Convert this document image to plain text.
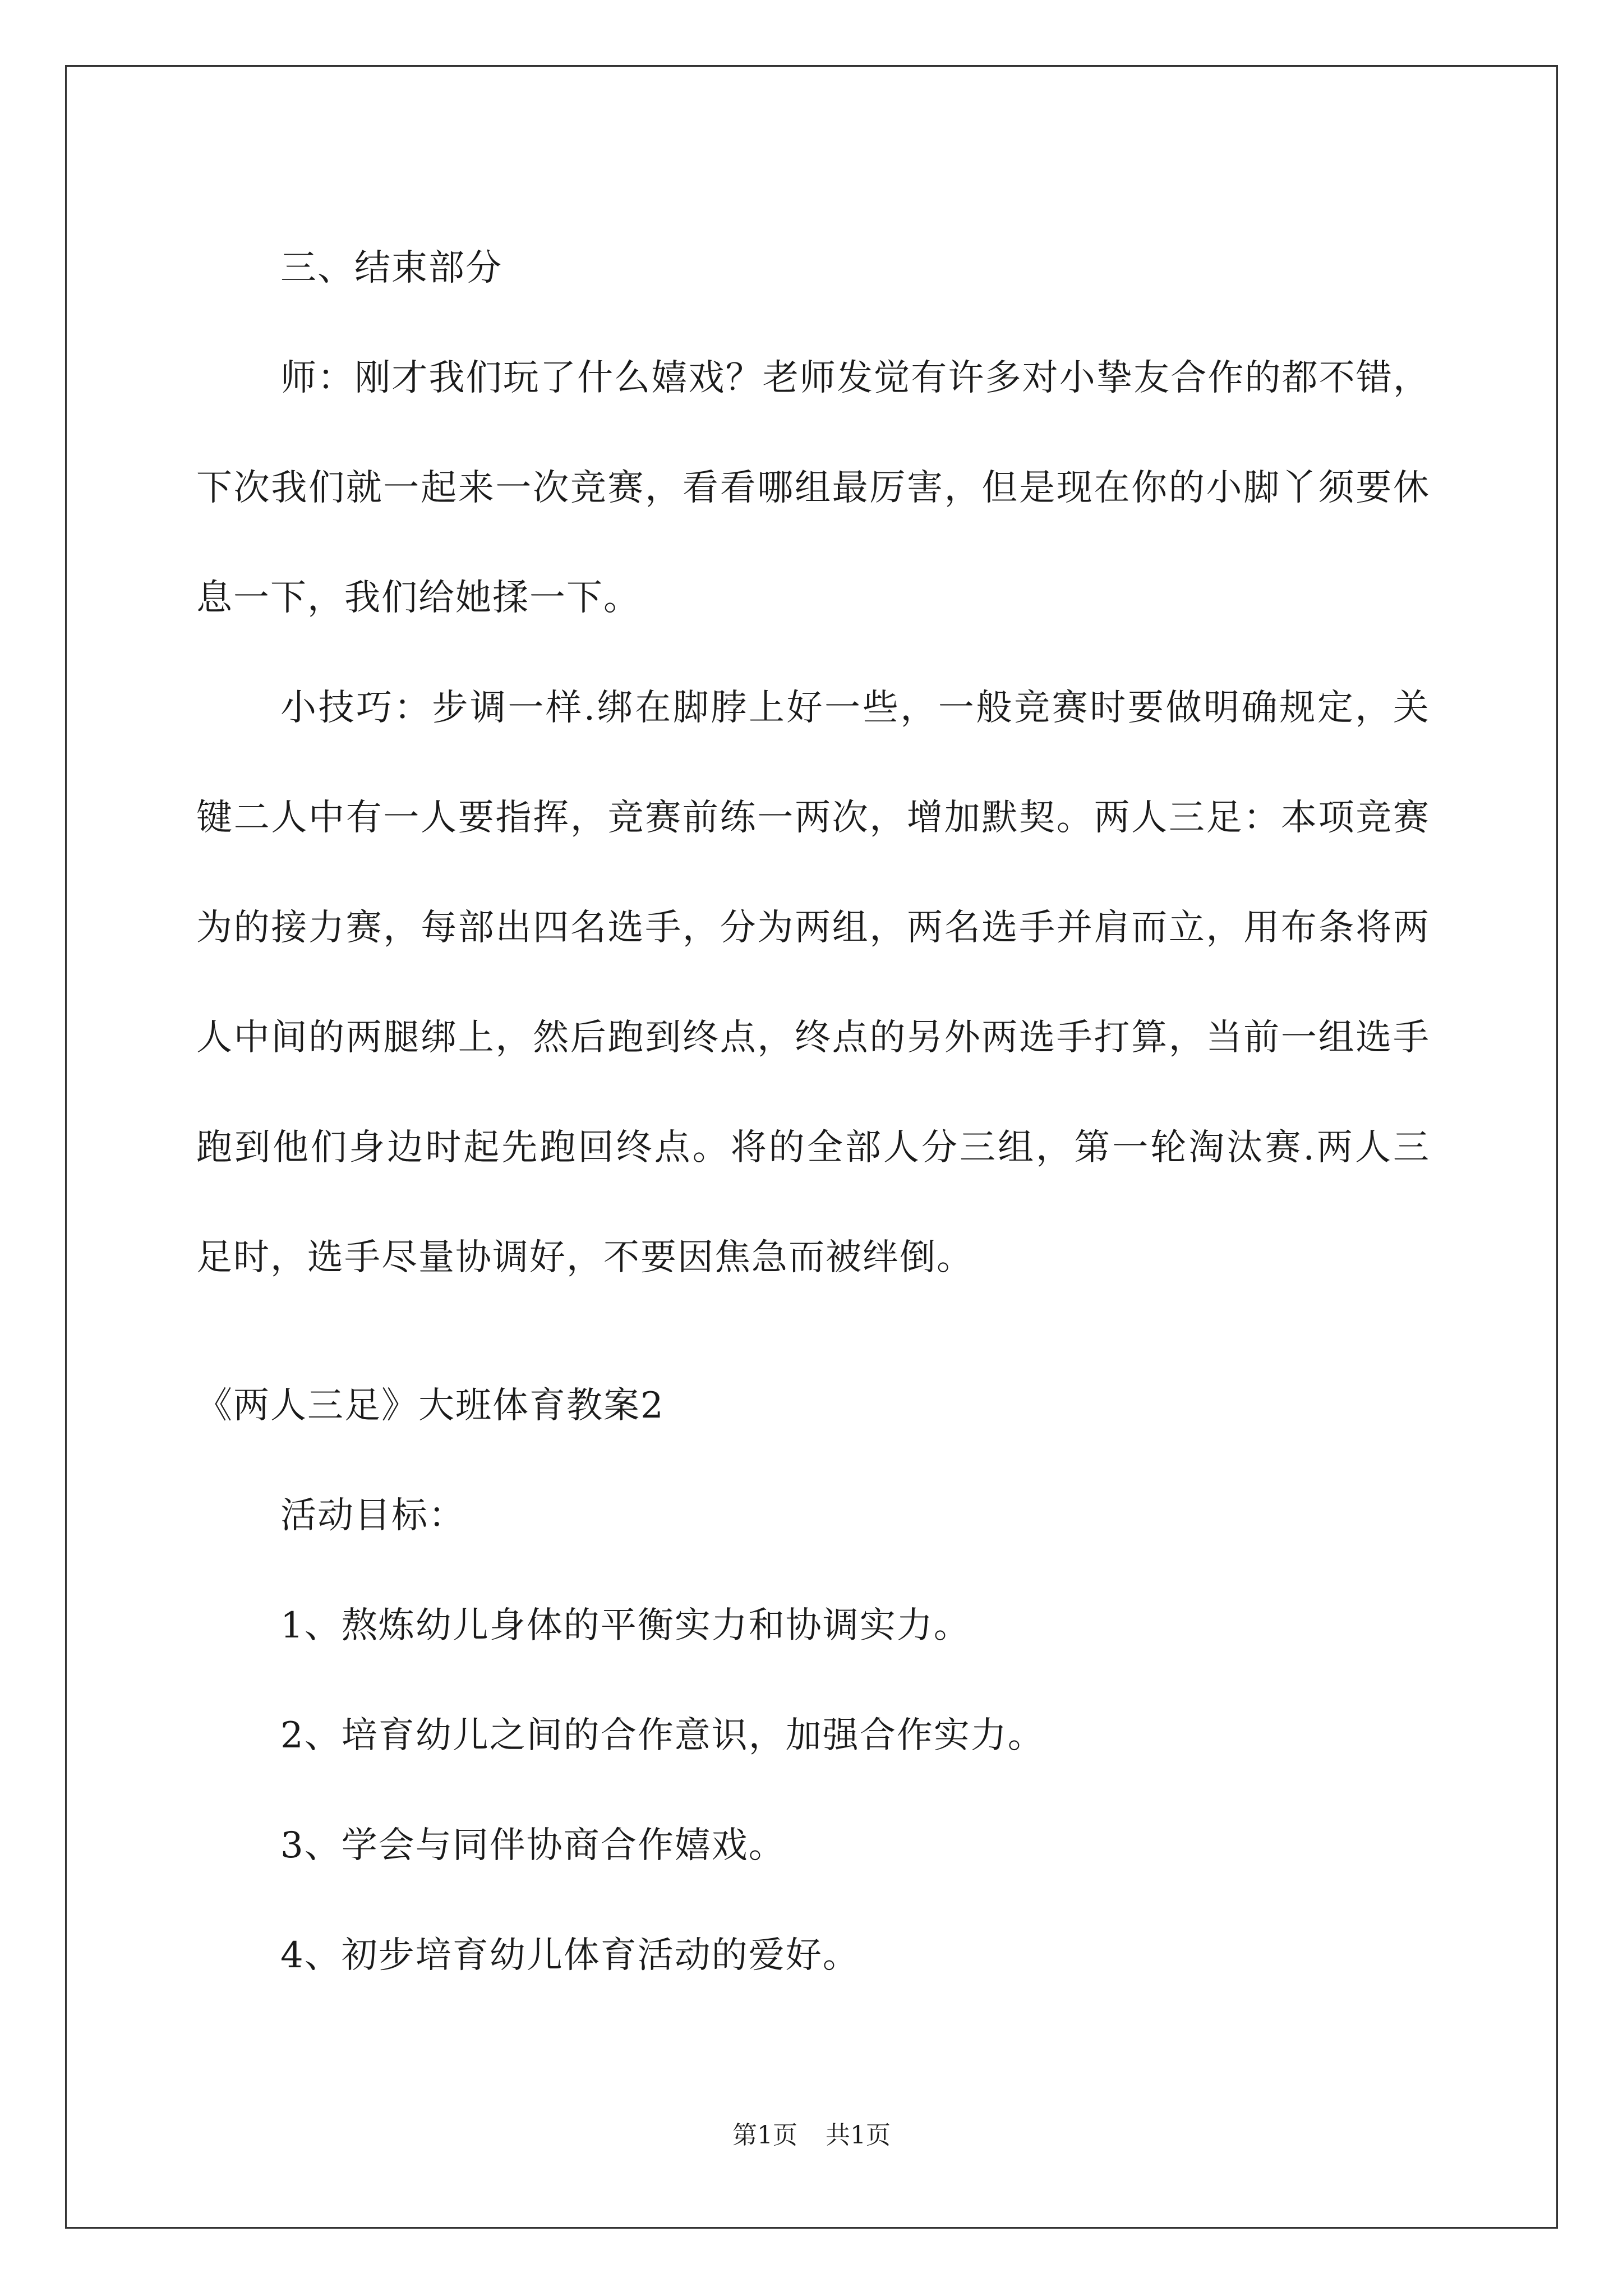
三、结束部分

师：刚才我们玩了什么嬉戏？老师发觉有许多对小挚友合作的都不错，下次我们就一起来一次竞赛，看看哪组最厉害，但是现在你的小脚丫须要休息一下，我们给她揉一下。

小技巧：步调一样.绑在脚脖上好一些，一般竞赛时要做明确规定，关键二人中有一人要指挥，竞赛前练一两次，增加默契。两人三足：本项竞赛为的接力赛，每部出四名选手，分为两组，两名选手并肩而立，用布条将两人中间的两腿绑上，然后跑到终点，终点的另外两选手打算，当前一组选手跑到他们身边时起先跑回终点。将的全部人分三组，第一轮淘汰赛.两人三足时，选手尽量协调好，不要因焦急而被绊倒。

《两人三足》大班体育教案2

活动目标：

1、熬炼幼儿身体的平衡实力和协调实力。

2、培育幼儿之间的合作意识，加强合作实力。

3、学会与同伴协商合作嬉戏。

4、初步培育幼儿体育活动的爱好。

第1页 共1页
